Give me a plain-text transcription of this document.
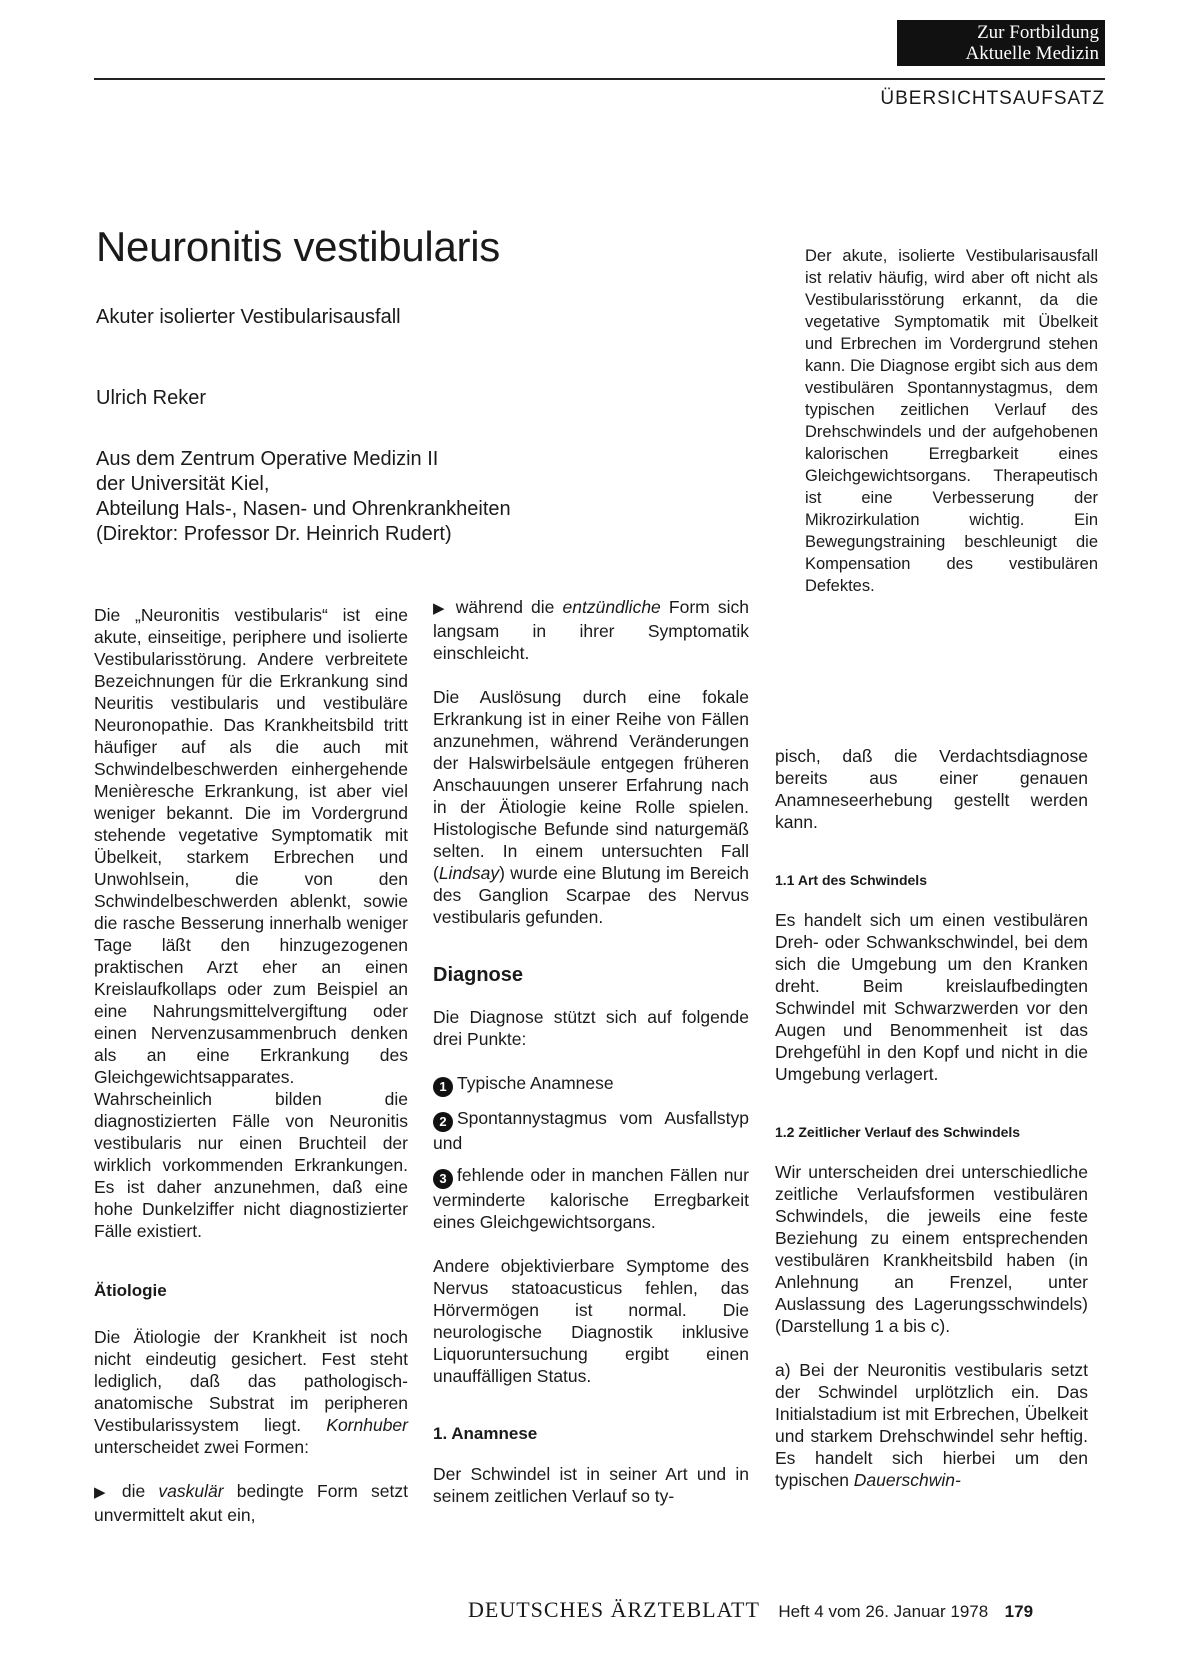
Zur Fortbildung
Aktuelle Medizin
ÜBERSICHTSAUFSATZ
Neuronitis vestibularis
Akuter isolierter Vestibularisausfall
Ulrich Reker
Aus dem Zentrum Operative Medizin II
der Universität Kiel,
Abteilung Hals-, Nasen- und Ohrenkrankheiten
(Direktor: Professor Dr. Heinrich Rudert)

Der akute, isolierte Vestibularisausfall ist relativ häufig, wird aber oft nicht als Vestibularisstörung erkannt, da die vegetative Symptomatik mit Übelkeit und Erbrechen im Vordergrund stehen kann. Die Diagnose ergibt sich aus dem vestibulären Spontannystagmus, dem typischen zeitlichen Verlauf des Drehschwindels und der aufgehobenen kalorischen Erregbarkeit eines Gleichgewichtsorgans. Therapeutisch ist eine Verbesserung der Mikrozirkulation wichtig. Ein Bewegungstraining beschleunigt die Kompensation des vestibulären Defektes.

Die „Neuronitis vestibularis“ ist eine akute, einseitige, periphere und isolierte Vestibularisstörung. Andere verbreitete Bezeichnungen für die Erkrankung sind Neuritis vestibularis und vestibuläre Neuronopathie. Das Krankheitsbild tritt häufiger auf als die auch mit Schwindelbeschwerden einhergehende Menièresche Erkrankung, ist aber viel weniger bekannt. Die im Vordergrund stehende vegetative Symptomatik mit Übelkeit, starkem Erbrechen und Unwohlsein, die von den Schwindelbeschwerden ablenkt, sowie die rasche Besserung innerhalb weniger Tage läßt den hinzugezogenen praktischen Arzt eher an einen Kreislaufkollaps oder zum Beispiel an eine Nahrungsmittelvergiftung oder einen Nervenzusammenbruch denken als an eine Erkrankung des Gleichgewichtsapparates. Wahrscheinlich bilden die diagnostizierten Fälle von Neuronitis vestibularis nur einen Bruchteil der wirklich vorkommenden Erkrankungen. Es ist daher anzunehmen, daß eine hohe Dunkelziffer nicht diagnostizierter Fälle existiert.

Ätiologie

Die Ätiologie der Krankheit ist noch nicht eindeutig gesichert. Fest steht lediglich, daß das pathologisch-anatomische Substrat im peripheren Vestibularissystem liegt. Kornhuber unterscheidet zwei Formen:

▶ die vaskulär bedingte Form setzt unvermittelt akut ein,

▶ während die entzündliche Form sich langsam in ihrer Symptomatik einschleicht.

Die Auslösung durch eine fokale Erkrankung ist in einer Reihe von Fällen anzunehmen, während Veränderungen der Halswirbelsäule entgegen früheren Anschauungen unserer Erfahrung nach in der Ätiologie keine Rolle spielen. Histologische Befunde sind naturgemäß selten. In einem untersuchten Fall (Lindsay) wurde eine Blutung im Bereich des Ganglion Scarpae des Nervus vestibularis gefunden.

Diagnose

Die Diagnose stützt sich auf folgende drei Punkte:

1 Typische Anamnese

2 Spontannystagmus vom Ausfallstyp und

3 fehlende oder in manchen Fällen nur verminderte kalorische Erregbarkeit eines Gleichgewichtsorgans.

Andere objektivierbare Symptome des Nervus statoacusticus fehlen, das Hörvermögen ist normal. Die neurologische Diagnostik inklusive Liquoruntersuchung ergibt einen unauffälligen Status.

1. Anamnese

Der Schwindel ist in seiner Art und in seinem zeitlichen Verlauf so ty-

pisch, daß die Verdachtsdiagnose bereits aus einer genauen Anamneseerhebung gestellt werden kann.

1.1 Art des Schwindels

Es handelt sich um einen vestibulären Dreh- oder Schwankschwindel, bei dem sich die Umgebung um den Kranken dreht. Beim kreislaufbedingten Schwindel mit Schwarzwerden vor den Augen und Benommenheit ist das Drehgefühl in den Kopf und nicht in die Umgebung verlagert.

1.2 Zeitlicher Verlauf des Schwindels

Wir unterscheiden drei unterschiedliche zeitliche Verlaufsformen vestibulären Schwindels, die jeweils eine feste Beziehung zu einem entsprechenden vestibulären Krankheitsbild haben (in Anlehnung an Frenzel, unter Auslassung des Lagerungsschwindels) (Darstellung 1 a bis c).

a) Bei der Neuronitis vestibularis setzt der Schwindel urplötzlich ein. Das Initialstadium ist mit Erbrechen, Übelkeit und starkem Drehschwindel sehr heftig. Es handelt sich hierbei um den typischen Dauerschwin-

DEUTSCHES ÄRZTEBLATT Heft 4 vom 26. Januar 1978 179
